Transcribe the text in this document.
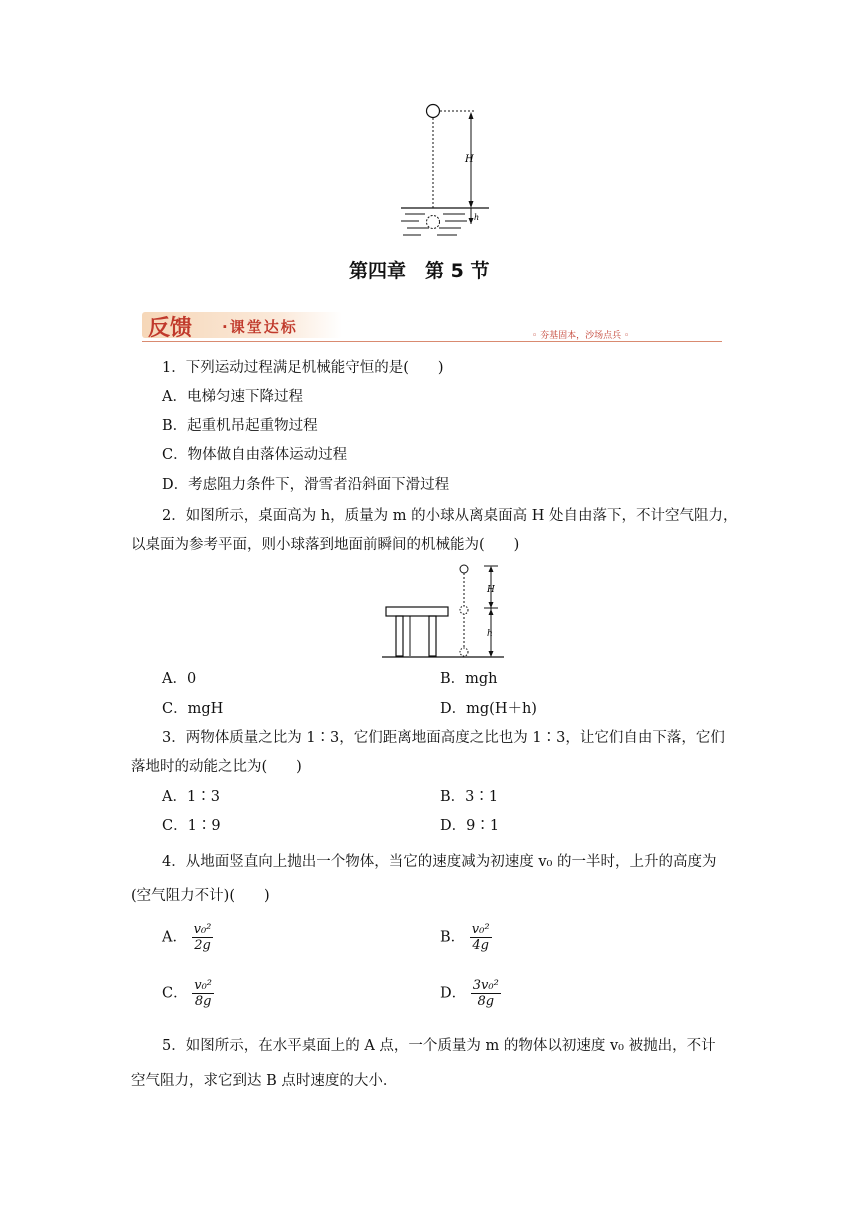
H
h
第四章　第 5 节
反馈 ·课堂达标	◦ 夯基固本，沙场点兵 ◦
1．下列运动过程满足机械能守恒的是(　　)
A．电梯匀速下降过程
B．起重机吊起重物过程
C．物体做自由落体运动过程
D．考虑阻力条件下，滑雪者沿斜面下滑过程
2．如图所示，桌面高为 h，质量为 m 的小球从离桌面高 H 处自由落下，不计空气阻力，
以桌面为参考平面，则小球落到地面前瞬间的机械能为(　　)
H
h
A．0	B．mgh
C．mgH	D．mg(H＋h)
3．两物体质量之比为 1∶3，它们距离地面高度之比也为 1∶3，让它们自由下落，它们
落地时的动能之比为(　　)
A．1∶3	B．3∶1
C．1∶9	D．9∶1
4．从地面竖直向上抛出一个物体，当它的速度减为初速度 v₀ 的一半时，上升的高度为
(空气阻力不计)(　　)
A． $\frac{\text{v₀²}}{2g}$	B． $\frac{\text{v₀²}}{4g}$
C． $\frac{\text{v₀²}}{8g}$	D． $\frac{\text{3v₀²}}{8g}$
5．如图所示，在水平桌面上的 A 点，一个质量为 m 的物体以初速度 v₀ 被抛出，不计
空气阻力，求它到达 B 点时速度的大小．
